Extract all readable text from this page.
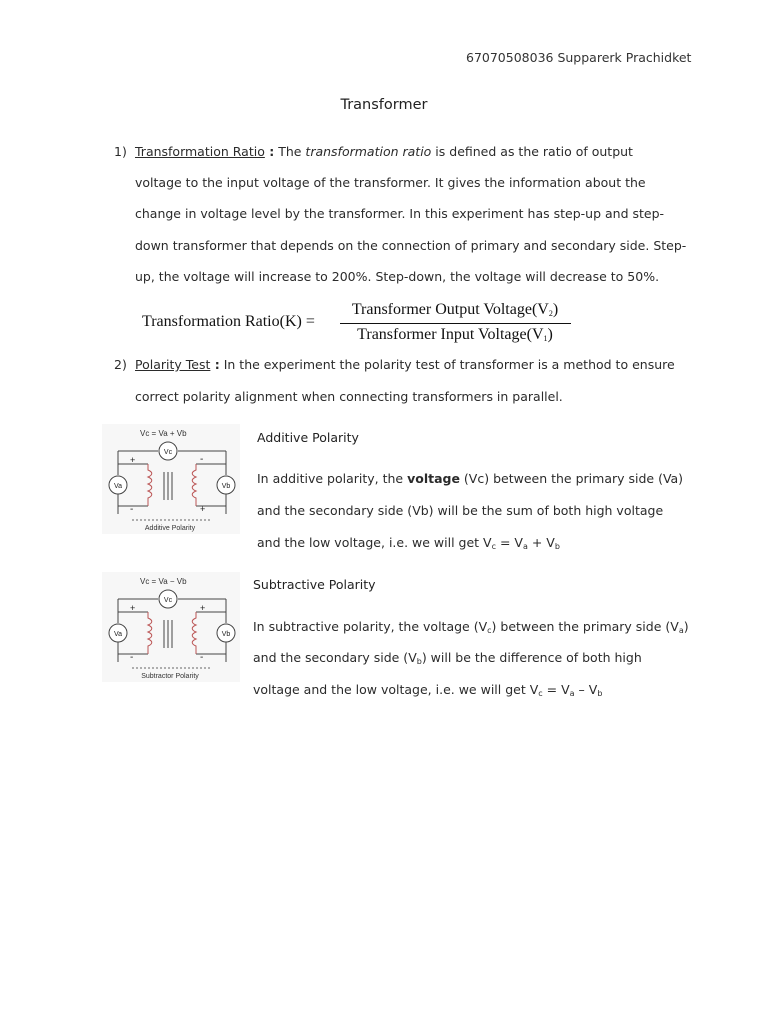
67070508036 Supparerk Prachidket
Transformer
1) Transformation Ratio : The transformation ratio is defined as the ratio of output
voltage to the input voltage of the transformer. It gives the information about the
change in voltage level by the transformer. In this experiment has step-up and step-
down transformer that depends on the connection of primary and secondary side. Step-
up, the voltage will increase to 200%. Step-down, the voltage will decrease to 50%.
Transformation Ratio(K) =
Transformer Output $Voltage(V_2)$
Transformer Input $Voltage(V_1)$
2) Polarity Test : In the experiment the polarity test of transformer is a method to ensure
correct polarity alignment when connecting transformers in parallel.
Vc = Va + Vb
Vc
Va	Vb
+	-
-	+
Additive Polarity
Additive Polarity
In additive polarity, the voltage (Vc) between the primary side (Va)
and the secondary side (Vb) will be the sum of both high voltage
and the low voltage, i.e. we will get $V_c = V_a + V_b$
Vc = Va − Vb
Vc
Va	Vb
+	+
-	-
Subtractor Polarity
Subtractive Polarity
In subtractive polarity, the voltage $(V_c)$ between the primary side $(V_a)$
and the secondary side $(V_b)$ will be the difference of both high
voltage and the low voltage, i.e. we will get $V_c = V_a - V_b$
